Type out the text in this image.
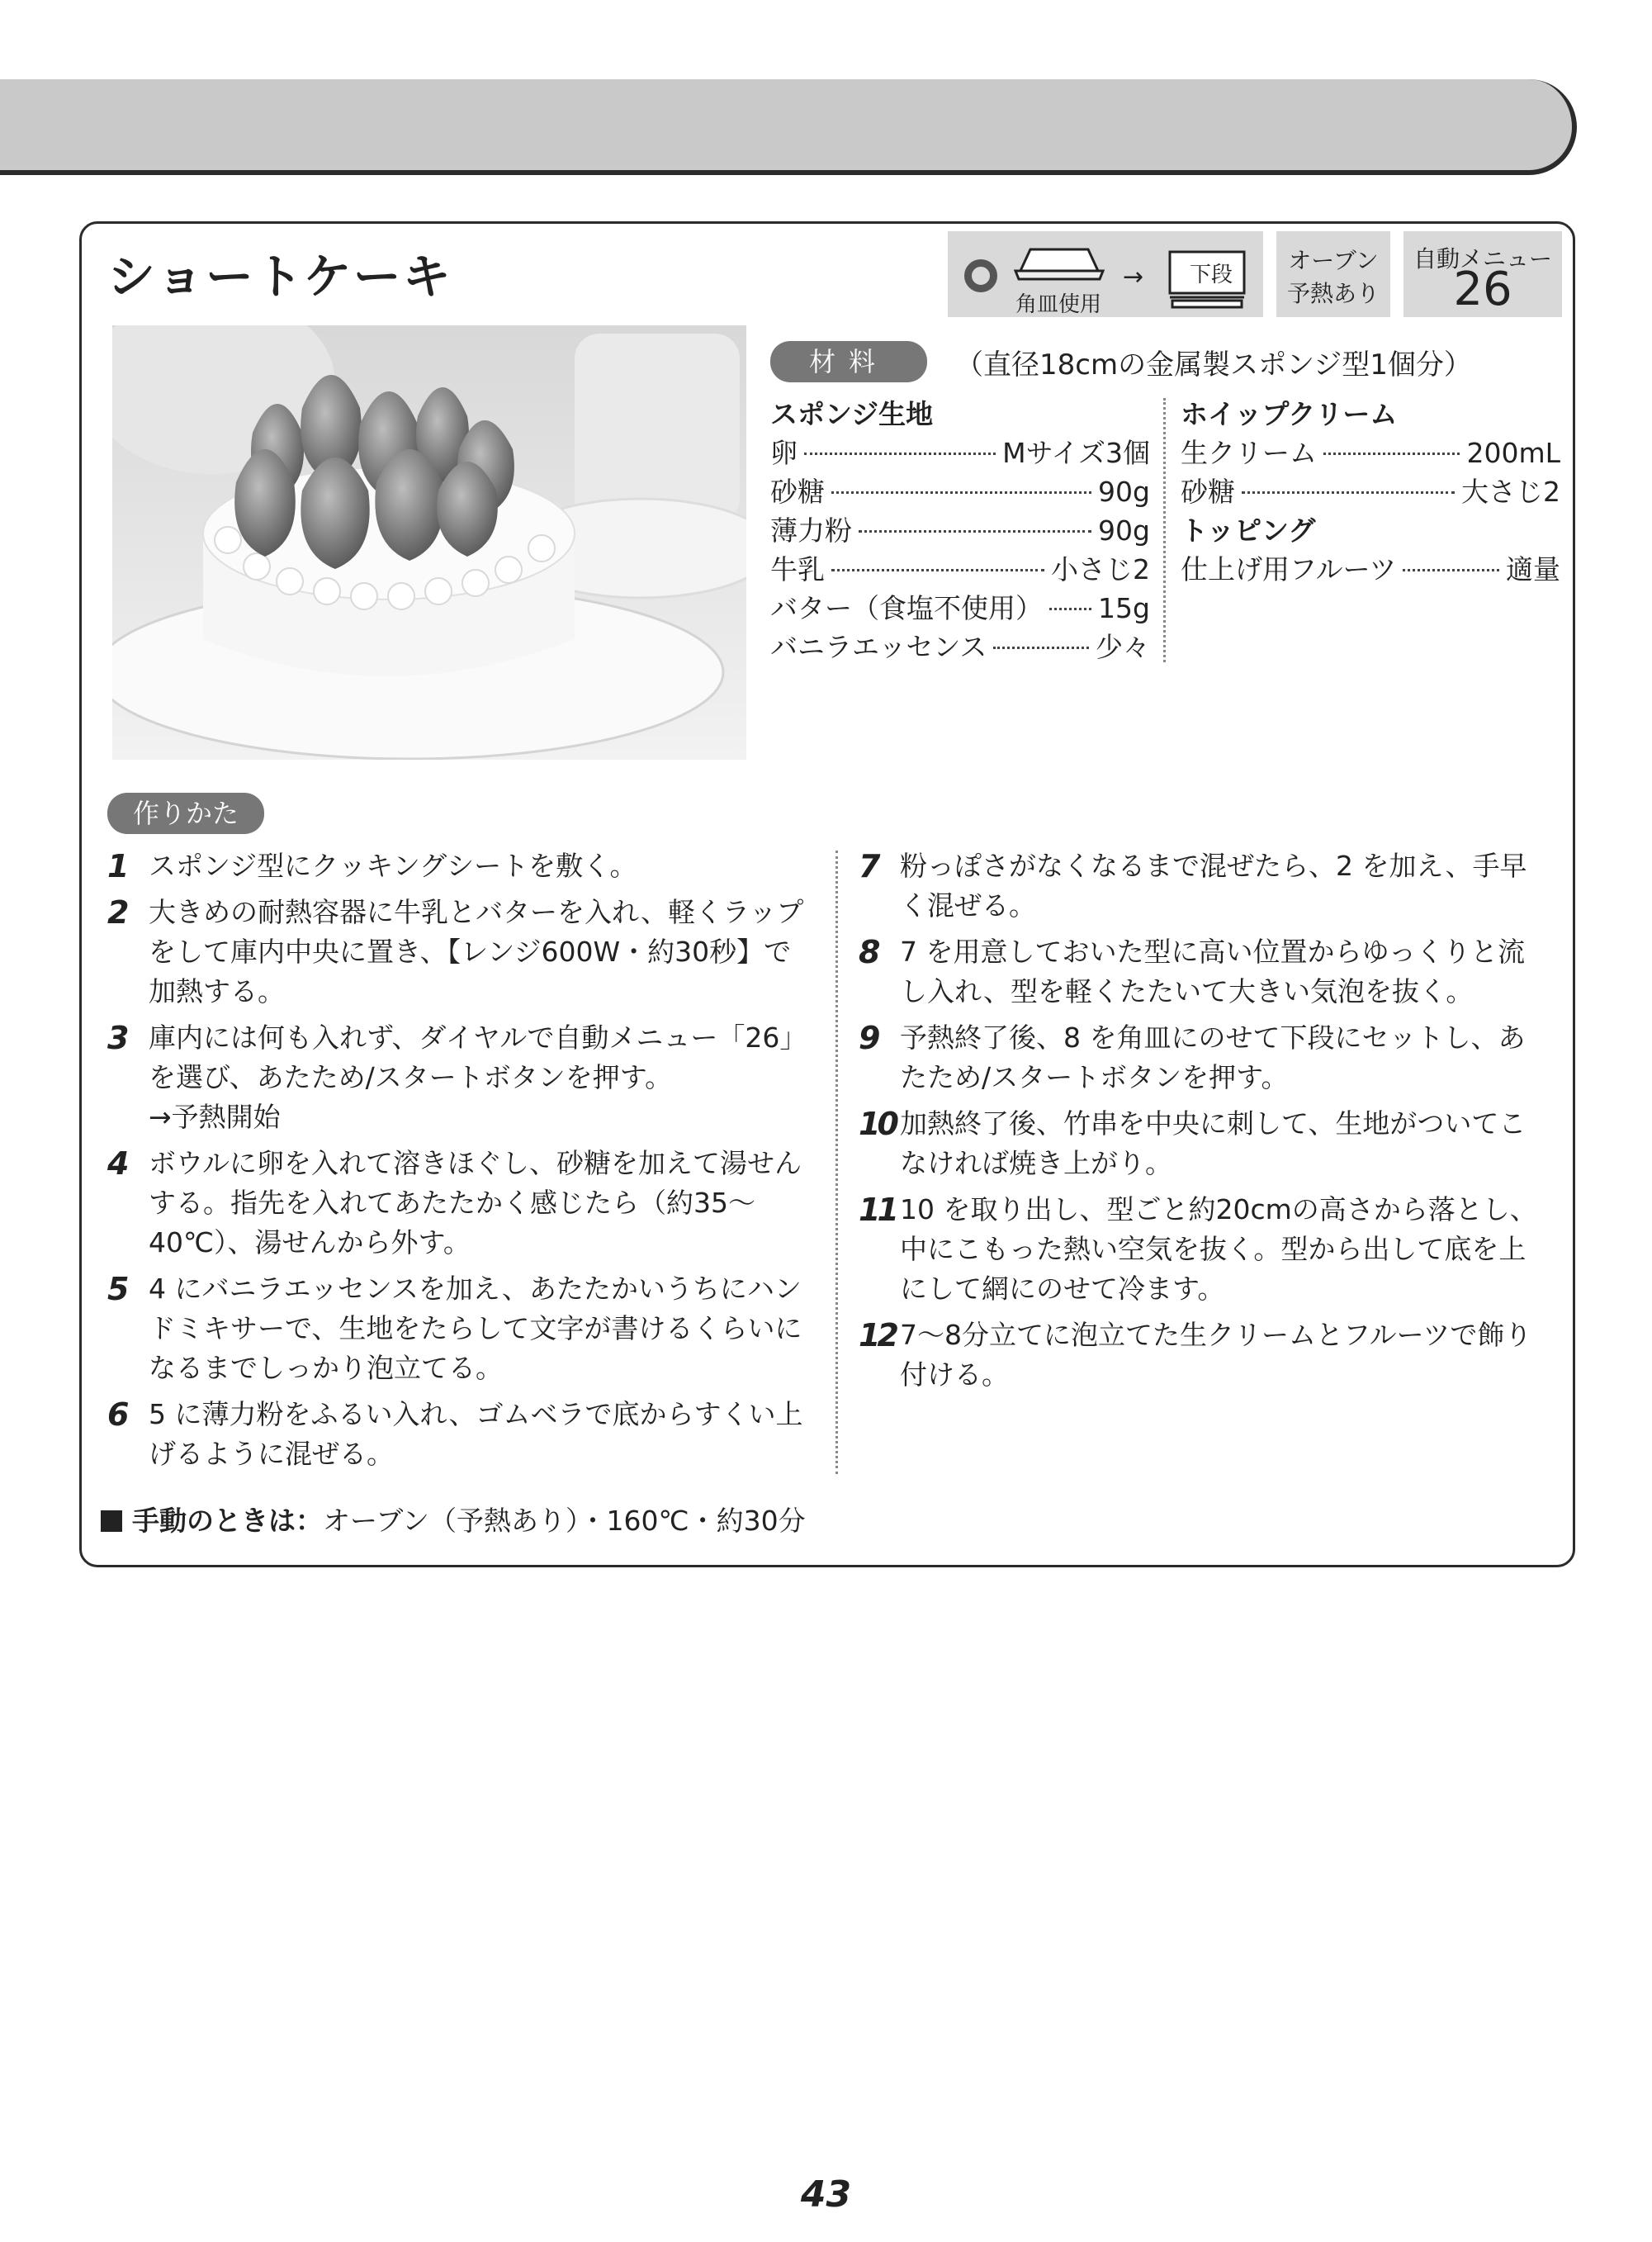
ショートケーキ	角皿使用
→ 下段
オーブン
予熱あり
自動メニュー
26
材料	（直径18cmの金属製スポンジ型1個分）
スポンジ生地
卵	Mサイズ3個
砂糖	90g
薄力粉	90g
牛乳	小さじ2
バター（食塩不使用） 15g
バニラエッセンス	少々
ホイップクリーム
生クリーム	200mL
砂糖	大さじ2
トッピング
仕上げ用フルーツ	適量
作りかた
1 スポンジ型にクッキングシートを敷く。
2 大きめの耐熱容器に牛乳とバターを入れ、軽くラップをして庫内中央に置き、【レンジ600W・約30秒】で加熱する。
3 庫内には何も入れず、ダイヤルで自動メニュー「26」を選び、あたため/スタートボタンを押す。
→予熱開始
4 ボウルに卵を入れて溶きほぐし、砂糖を加えて湯せんする。指先を入れてあたたかく感じたら（約35～40℃）、湯せんから外す。
5 4 にバニラエッセンスを加え、あたたかいうちにハンドミキサーで、生地をたらして文字が書けるくらいになるまでしっかり泡立てる。
6 5 に薄力粉をふるい入れ、ゴムベラで底からすくい上げるように混ぜる。
7 粉っぽさがなくなるまで混ぜたら、2 を加え、手早く混ぜる。
8 7 を用意しておいた型に高い位置からゆっくりと流し入れ、型を軽くたたいて大きい気泡を抜く。
9 予熱終了後、8 を角皿にのせて下段にセットし、あたため/スタートボタンを押す。
10 加熱終了後、竹串を中央に刺して、生地がついてこなければ焼き上がり。
11 10 を取り出し、型ごと約20cmの高さから落とし、中にこもった熱い空気を抜く。型から出して底を上にして網にのせて冷ます。
12 7～8分立てに泡立てた生クリームとフルーツで飾り付ける。
手動のときは：オーブン（予熱あり）・160℃・約30分
43
